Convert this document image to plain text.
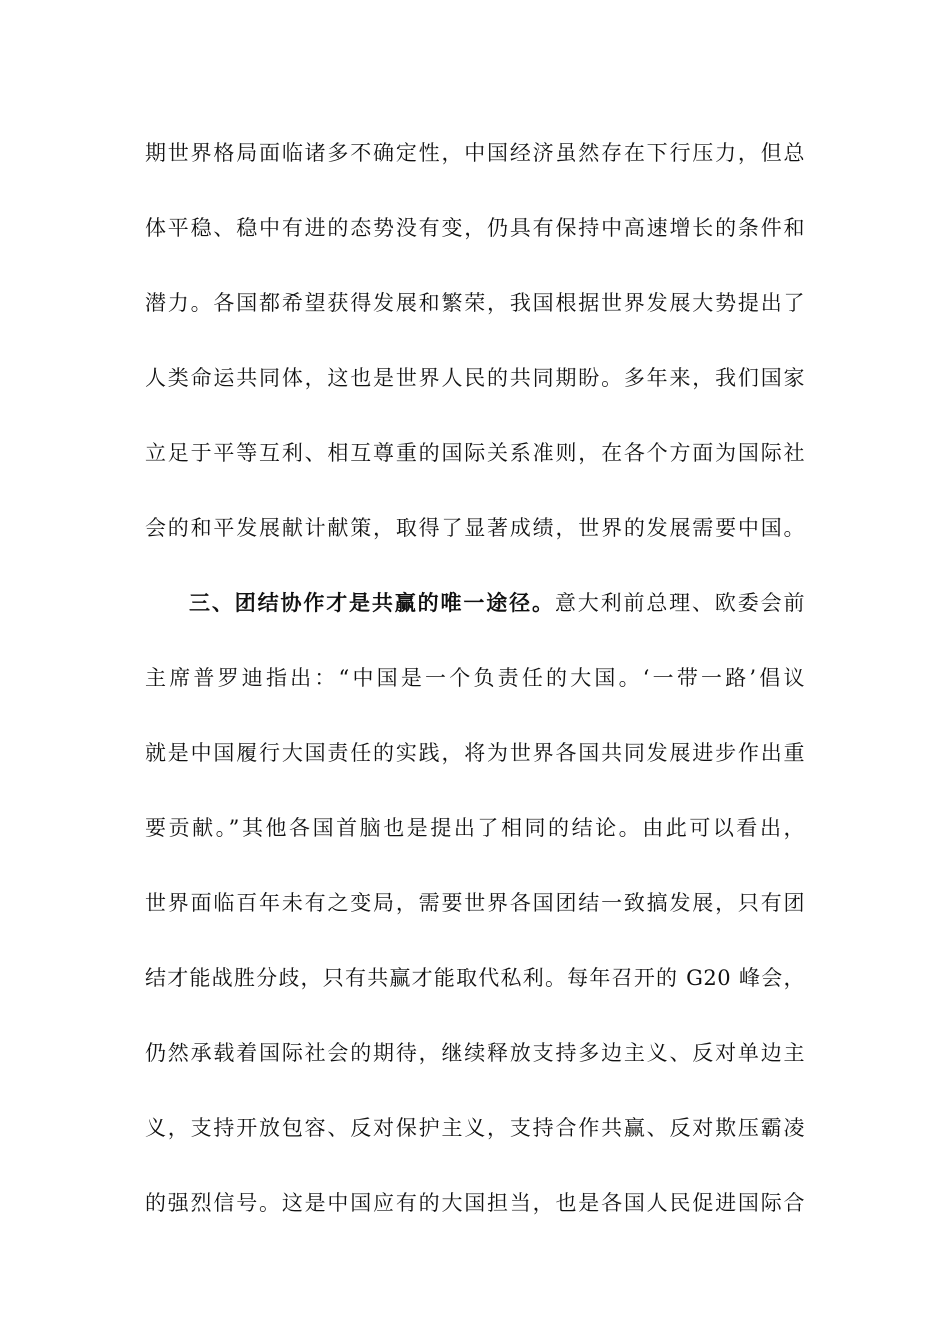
期世界格局面临诸多不确定性，中国经济虽然存在下行压力，但总
体平稳、稳中有进的态势没有变，仍具有保持中高速增长的条件和
潜力。各国都希望获得发展和繁荣，我国根据世界发展大势提出了
人类命运共同体，这也是世界人民的共同期盼。多年来，我们国家
立足于平等互利、相互尊重的国际关系准则，在各个方面为国际社
会的和平发展献计献策，取得了显著成绩，世界的发展需要中国。
三、团结协作才是共赢的唯一途径。意大利前总理、欧委会前
主席普罗迪指出：“中国是一个负责任的大国。‘一带一路’倡议
就是中国履行大国责任的实践，将为世界各国共同发展进步作出重
要贡献。”其他各国首脑也是提出了相同的结论。由此可以看出，
世界面临百年未有之变局，需要世界各国团结一致搞发展，只有团
结才能战胜分歧，只有共赢才能取代私利。每年召开的 G20 峰会，
仍然承载着国际社会的期待，继续释放支持多边主义、反对单边主
义，支持开放包容、反对保护主义，支持合作共赢、反对欺压霸凌
的强烈信号。这是中国应有的大国担当，也是各国人民促进国际合
